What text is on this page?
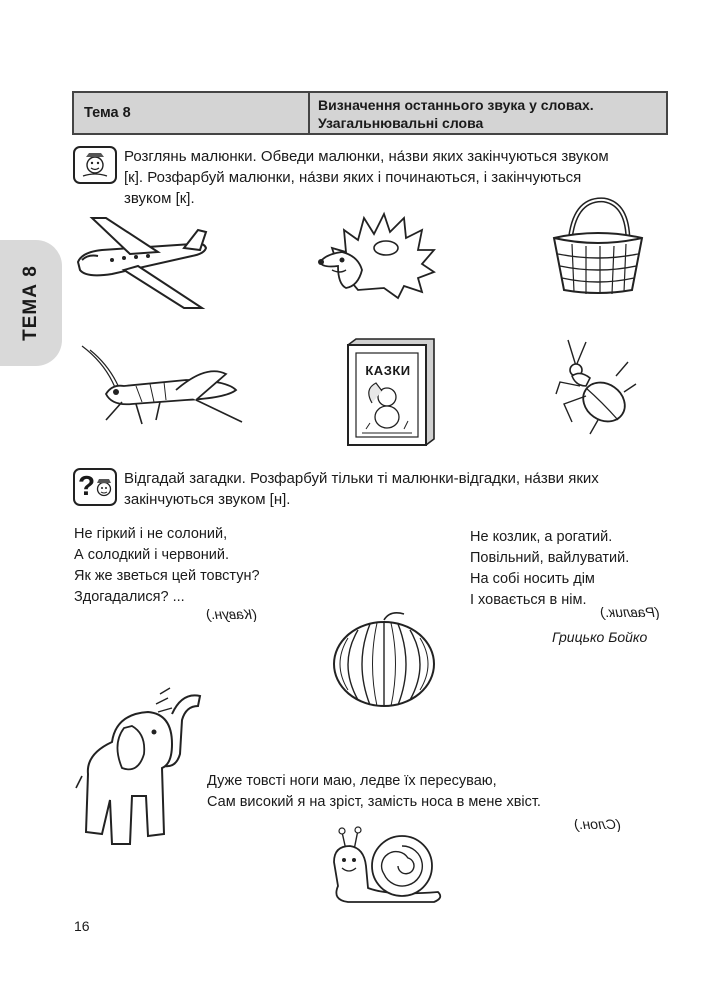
ТЕМА 8
Тема 8	Визначення останнього звука у словах.
Узагальнювальні слова
Розглянь малюнки. Обведи малюнки, на́зви яких закінчуються звуком
[к]. Розфарбуй малюнки, на́зви яких і починаються, і закінчуються
звуком [к].
КАЗКИ
? Відгадай загадки. Розфарбуй тільки ті малюнки-відгадки, на́зви яких
закінчуються звуком [н].
Не гіркий і не солоний,
А солодкий і червоний.
Як же зветься цей товстун?
Здогадалися? ...
(Кавун.)
Не козлик, а рогатий.
Повільний, вайлуватий.
На собі носить дім
І ховається в нім.
(Равлик.)
Грицько Бойко
Дуже товсті ноги маю, ледве їх пересуваю,
Сам високий я на зріст, замість носа в мене хвіст.
(Слон.)
16
